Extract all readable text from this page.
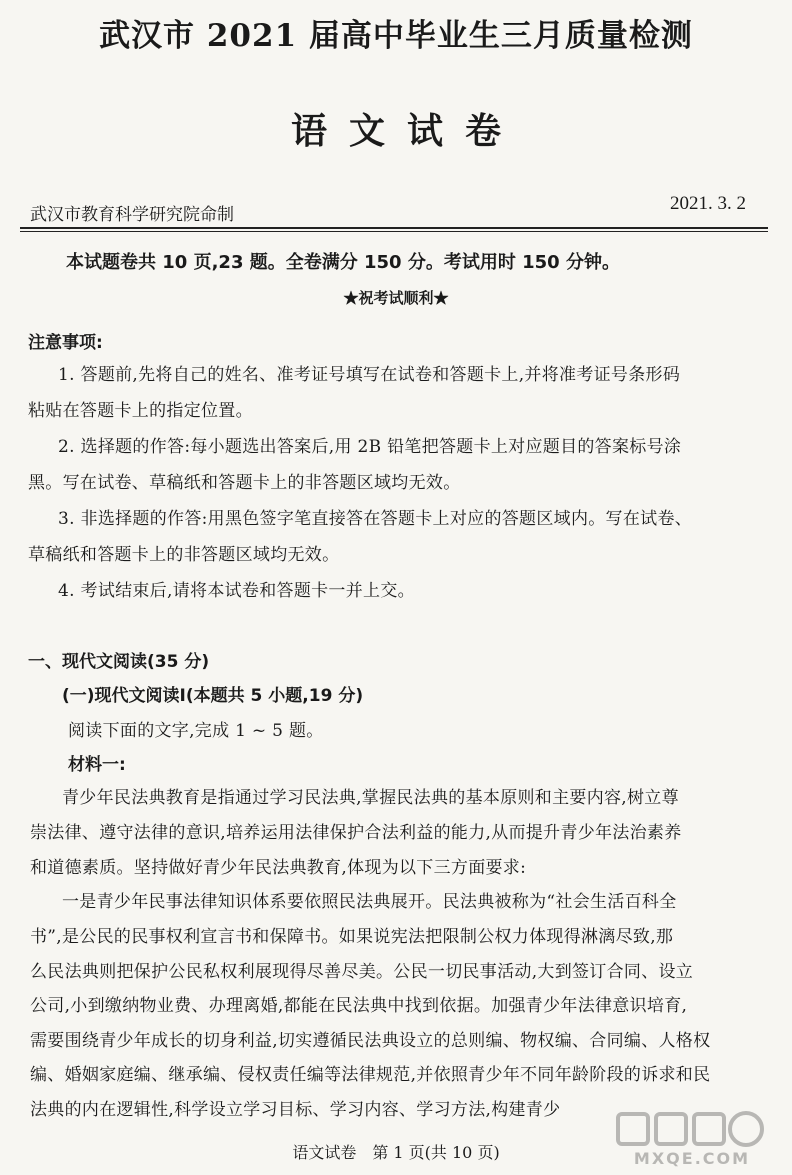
武汉市 2021 届高中毕业生三月质量检测
语文试卷
武汉市教育科学研究院命制
2021. 3. 2
本试题卷共 10 页,23 题。全卷满分 150 分。考试用时 150 分钟。
★祝考试顺利★
注意事项:
1. 答题前,先将自己的姓名、准考证号填写在试卷和答题卡上,并将准考证号条形码
粘贴在答题卡上的指定位置。
2. 选择题的作答:每小题选出答案后,用 2B 铅笔把答题卡上对应题目的答案标号涂
黑。写在试卷、草稿纸和答题卡上的非答题区域均无效。
3. 非选择题的作答:用黑色签字笔直接答在答题卡上对应的答题区域内。写在试卷、
草稿纸和答题卡上的非答题区域均无效。
4. 考试结束后,请将本试卷和答题卡一并上交。
一、现代文阅读(35 分)
(一)现代文阅读Ⅰ(本题共 5 小题,19 分)
阅读下面的文字,完成 1 ~ 5 题。
材料一:
青少年民法典教育是指通过学习民法典,掌握民法典的基本原则和主要内容,树立尊
崇法律、遵守法律的意识,培养运用法律保护合法利益的能力,从而提升青少年法治素养
和道德素质。坚持做好青少年民法典教育,体现为以下三方面要求:
一是青少年民事法律知识体系要依照民法典展开。民法典被称为“社会生活百科全
书”,是公民的民事权利宣言书和保障书。如果说宪法把限制公权力体现得淋漓尽致,那
么民法典则把保护公民私权利展现得尽善尽美。公民一切民事活动,大到签订合同、设立
公司,小到缴纳物业费、办理离婚,都能在民法典中找到依据。加强青少年法律意识培育,
需要围绕青少年成长的切身利益,切实遵循民法典设立的总则编、物权编、合同编、人格权
编、婚姻家庭编、继承编、侵权责任编等法律规范,并依照青少年不同年龄阶段的诉求和民
法典的内在逻辑性,科学设立学习目标、学习内容、学习方法,构建青少
语文试卷　第 1 页(共 10 页)	MXQE.COM
